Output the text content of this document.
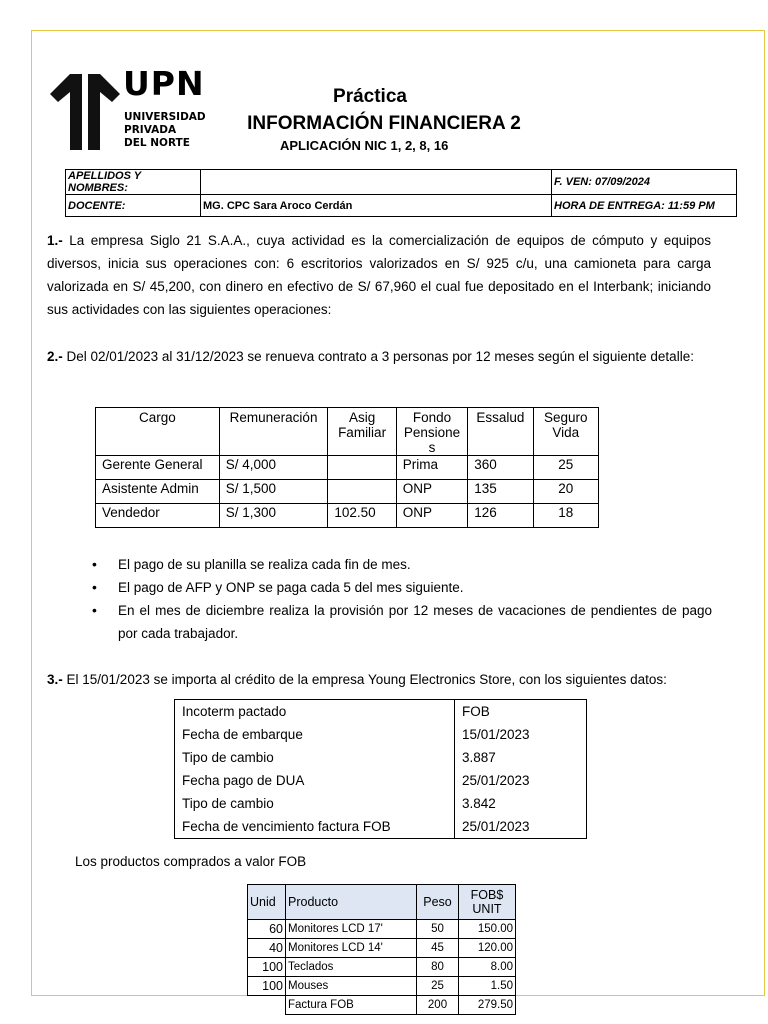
UPN
UNIVERSIDAD
PRIVADA
DEL NORTE
Práctica
INFORMACIÓN FINANCIERA 2
APLICACIÓN NIC 1, 2, 8, 16
APELLIDOS Y NOMBRES:		F. VEN: 07/09/2024
DOCENTE:	MG. CPC Sara Aroco Cerdán	HORA DE ENTREGA: 11:59 PM

1.- La empresa Siglo 21 S.A.A., cuya actividad es la comercialización de equipos de cómputo y equipos diversos, inicia sus operaciones con: 6 escritorios valorizados en S/ 925 c/u, una camioneta para carga valorizada en S/ 45,200, con dinero en efectivo de S/ 67,960 el cual fue depositado en el Interbank; iniciando sus actividades con las siguientes operaciones:

2.- Del 02/01/2023 al 31/12/2023 se renueva contrato a 3 personas por 12 meses según el siguiente detalle:

Cargo	Remuneración	Asig Familiar	Fondo Pensione s	Essalud	Seguro Vida
Gerente General	S/ 4,000		Prima	360	25
Asistente Admin	S/ 1,500		ONP	135	20
Vendedor	S/ 1,300	102.50	ONP	126	18
• El pago de su planilla se realiza cada fin de mes.
• El pago de AFP y ONP se paga cada 5 del mes siguiente.
• En el mes de diciembre realiza la provisión por 12 meses de vacaciones de pendientes de pago por cada trabajador.

3.- El 15/01/2023 se importa al crédito de la empresa Young Electronics Store, con los siguientes datos:

Incoterm pactado	FOB
Fecha de embarque	15/01/2023
Tipo de cambio	3.887
Fecha pago de DUA	25/01/2023
Tipo de cambio	3.842
Fecha de vencimiento factura FOB	25/01/2023
Los productos comprados a valor FOB
Unid	Producto	Peso	FOB$
UNIT

60	Monitores LCD 17'	50	150.00
40	Monitores LCD 14'	45	120.00
100	Teclados	80	8.00
100	Mouses	25	1.50
	Factura FOB	200	279.50
